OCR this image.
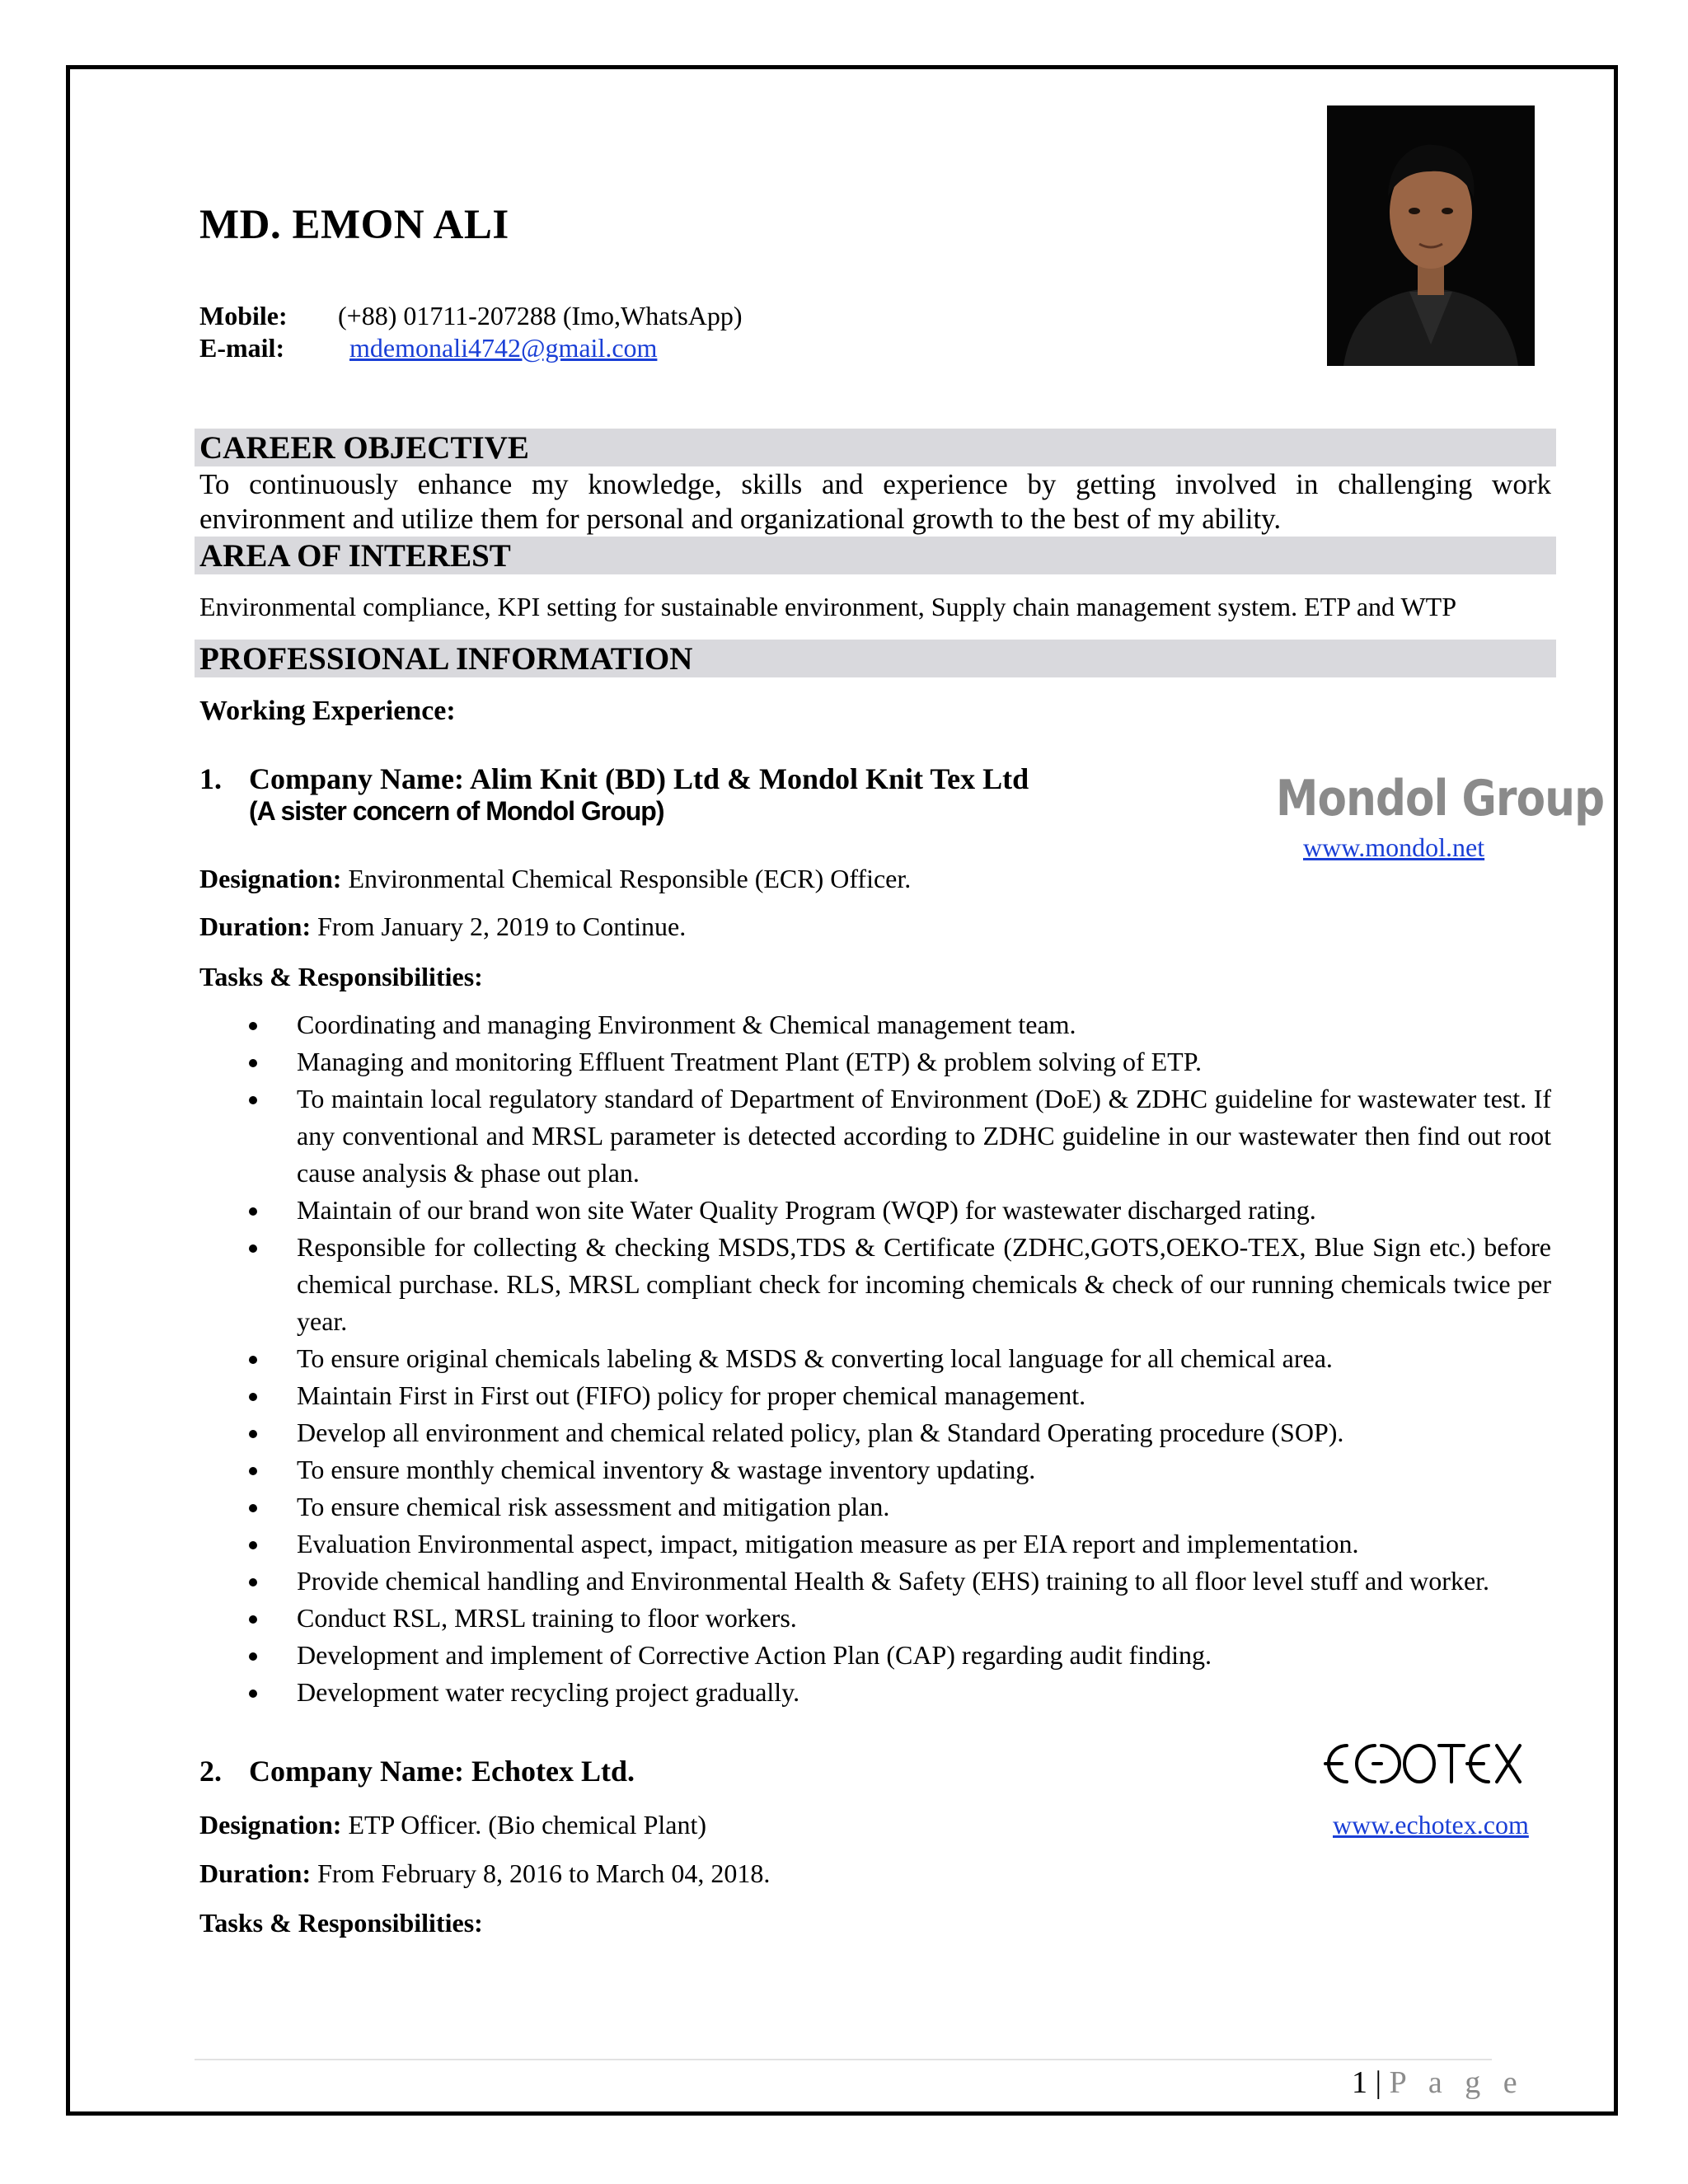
MD. EMON ALI
Mobile: (+88) 01711-207288 (Imo,WhatsApp)
E-mail: mdemonali4742@gmail.com
CAREER OBJECTIVE
To continuously enhance my knowledge, skills and experience by getting involved in challenging work
environment and utilize them for personal and organizational growth to the best of my ability.
AREA OF INTEREST
Environmental compliance, KPI setting for sustainable environment, Supply chain management system. ETP and WTP
PROFESSIONAL INFORMATION
Working Experience:
1. Company Name: Alim Knit (BD) Ltd & Mondol Knit Tex Ltd
(A sister concern of Mondol Group)	Mondol Group
www.mondol.net
Designation: Environmental Chemical Responsible (ECR) Officer.
Duration: From January 2, 2019 to Continue.
Tasks & Responsibilities:
Coordinating and managing Environment & Chemical management team.
Managing and monitoring Effluent Treatment Plant (ETP) & problem solving of ETP.
To maintain local regulatory standard of Department of Environment (DoE) & ZDHC guideline for wastewater test. If any conventional and MRSL parameter is detected according to ZDHC guideline in our wastewater then find out root cause analysis & phase out plan.
Maintain of our brand won site Water Quality Program (WQP) for wastewater discharged rating.
Responsible for collecting & checking MSDS,TDS & Certificate (ZDHC,GOTS,OEKO-TEX, Blue Sign etc.) before chemical purchase. RLS, MRSL compliant check for incoming chemicals & check of our running chemicals twice per year.
To ensure original chemicals labeling & MSDS & converting local language for all chemical area.
Maintain First in First out (FIFO) policy for proper chemical management.
Develop all environment and chemical related policy, plan & Standard Operating procedure (SOP).
To ensure monthly chemical inventory & wastage inventory updating.
To ensure chemical risk assessment and mitigation plan.
Evaluation Environmental aspect, impact, mitigation measure as per EIA report and implementation.
Provide chemical handling and Environmental Health & Safety (EHS) training to all floor level stuff and worker.
Conduct RSL, MRSL training to floor workers.
Development and implement of Corrective Action Plan (CAP) regarding audit finding.
Development water recycling project gradually.
2. Company Name: Echotex Ltd.
www.echotex.com
Designation: ETP Officer. (Bio chemical Plant)
Duration: From February 8, 2016 to March 04, 2018.
Tasks & Responsibilities:
1 | P a g e
